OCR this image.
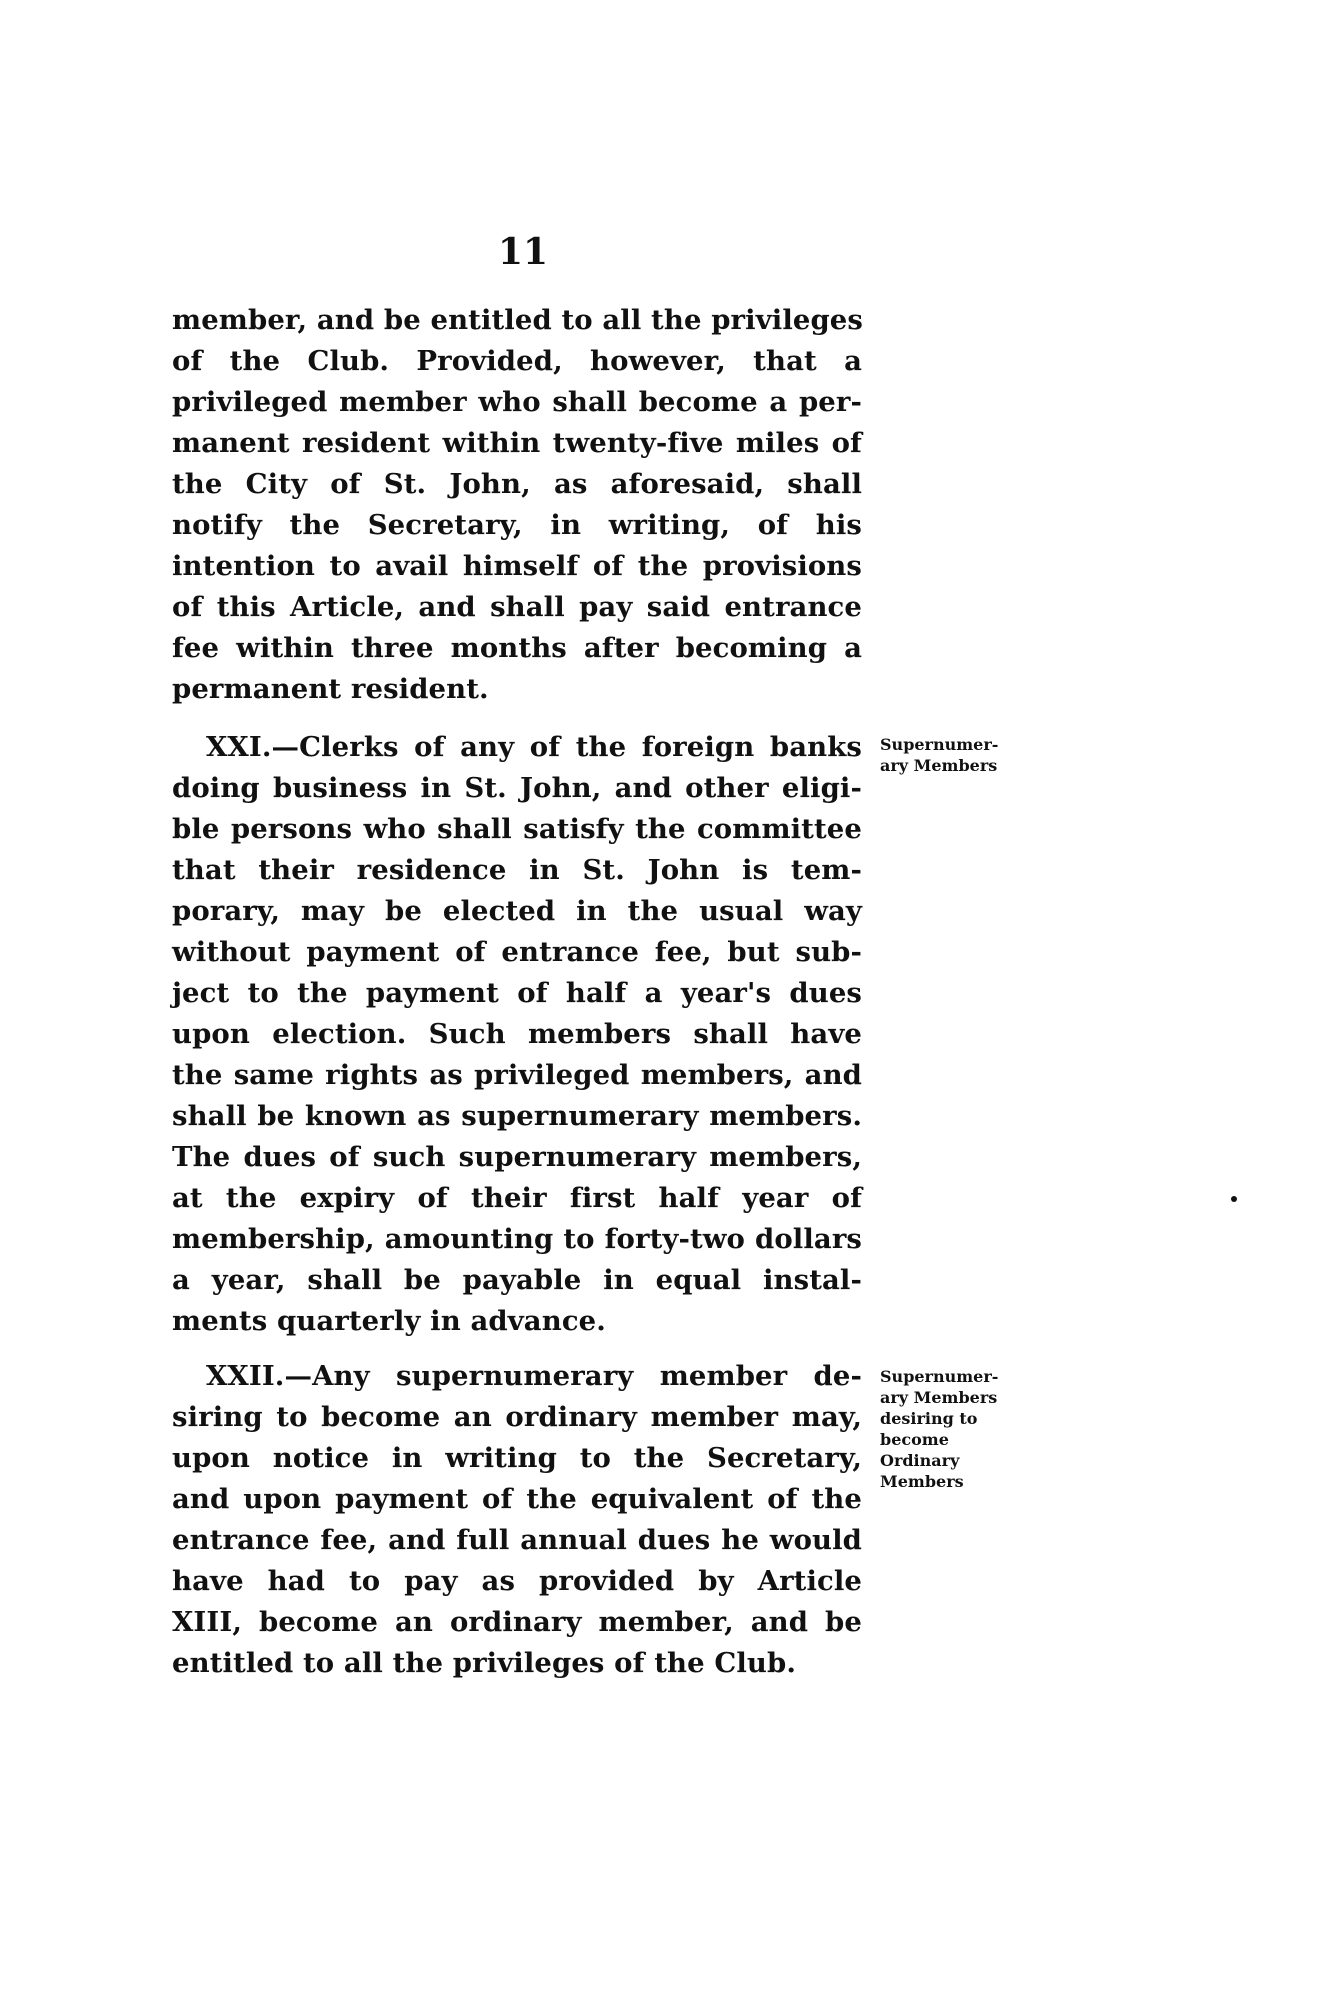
11
member, and be entitled to all the privileges
of the Club. Provided, however, that a
privileged member who shall become a per-
manent resident within twenty-five miles of
the City of St. John, as aforesaid, shall
notify the Secretary, in writing, of his
intention to avail himself of the provisions
of this Article, and shall pay said entrance
fee within three months after becoming a
permanent resident.
XXI.—Clerks of any of the foreign banks
doing business in St. John, and other eligi-
ble persons who shall satisfy the committee
that their residence in St. John is tem-
porary, may be elected in the usual way
without payment of entrance fee, but sub-
ject to the payment of half a year's dues
upon election. Such members shall have
the same rights as privileged members, and
shall be known as supernumerary members.
The dues of such supernumerary members,
at the expiry of their first half year of
membership, amounting to forty-two dollars
a year, shall be payable in equal instal-
ments quarterly in advance.
Supernumer-
ary Members
XXII.—Any supernumerary member de-
siring to become an ordinary member may,
upon notice in writing to the Secretary,
and upon payment of the equivalent of the
entrance fee, and full annual dues he would
have had to pay as provided by Article
XIII, become an ordinary member, and be
entitled to all the privileges of the Club.
Supernumer-
ary Members
desiring to
become
Ordinary
Members
